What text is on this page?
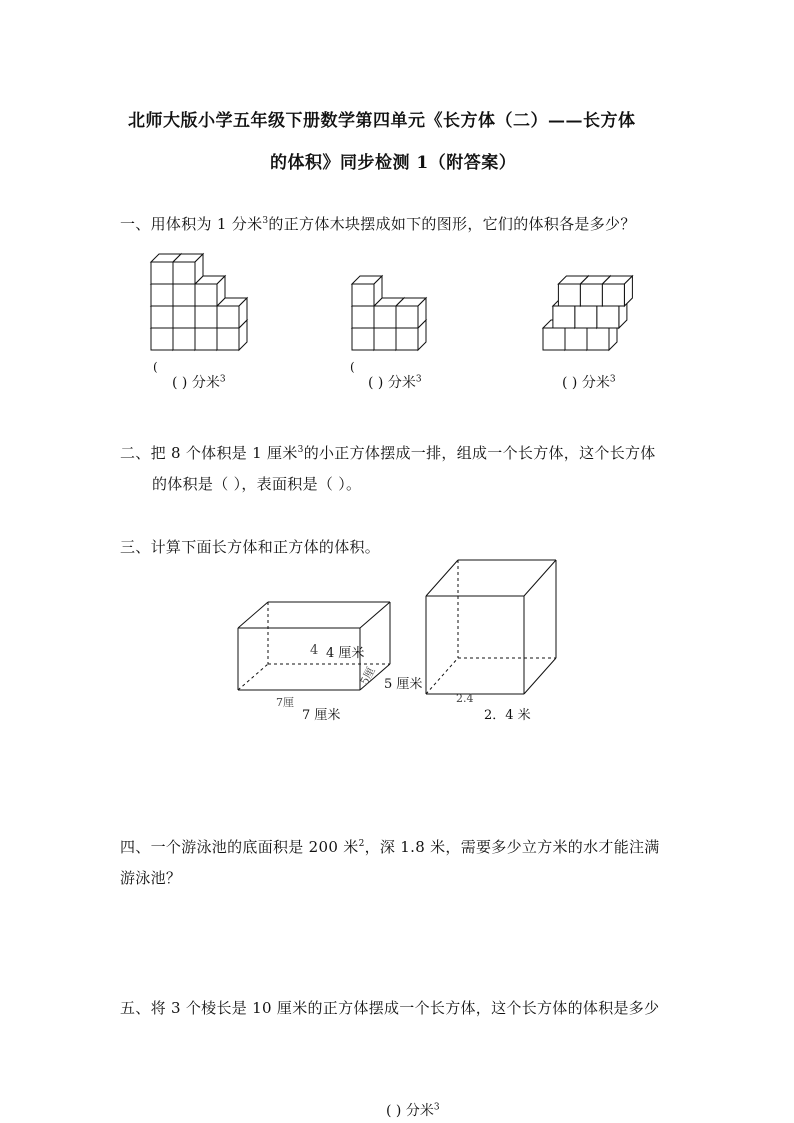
北师大版小学五年级下册数学第四单元《长方体（二）——长方体
的体积》同步检测 1（附答案）
一、用体积为 1 分米$^3$的正方体木块摆成如下的图形，它们的体积各是多少？
(
( ) 分米$^3$
(
( ) 分米$^3$	( ) 分米$^3$
二、把 8 个体积是 1 厘米$^3$的小正方体摆成一排，组成一个长方体，这个长方体
的体积是（ ），表面积是（ ）。
三、计算下面长方体和正方体的体积。
4 4 厘米
5厘 5 厘米
7厘
7 厘米
2.4
2．4 米
四、一个游泳池的底面积是 200 米$^2$，深 1.8 米，需要多少立方米的水才能注满
游泳池？
五、将 3 个棱长是 10 厘米的正方体摆成一个长方体，这个长方体的体积是多少
( ) 分米$^3$
